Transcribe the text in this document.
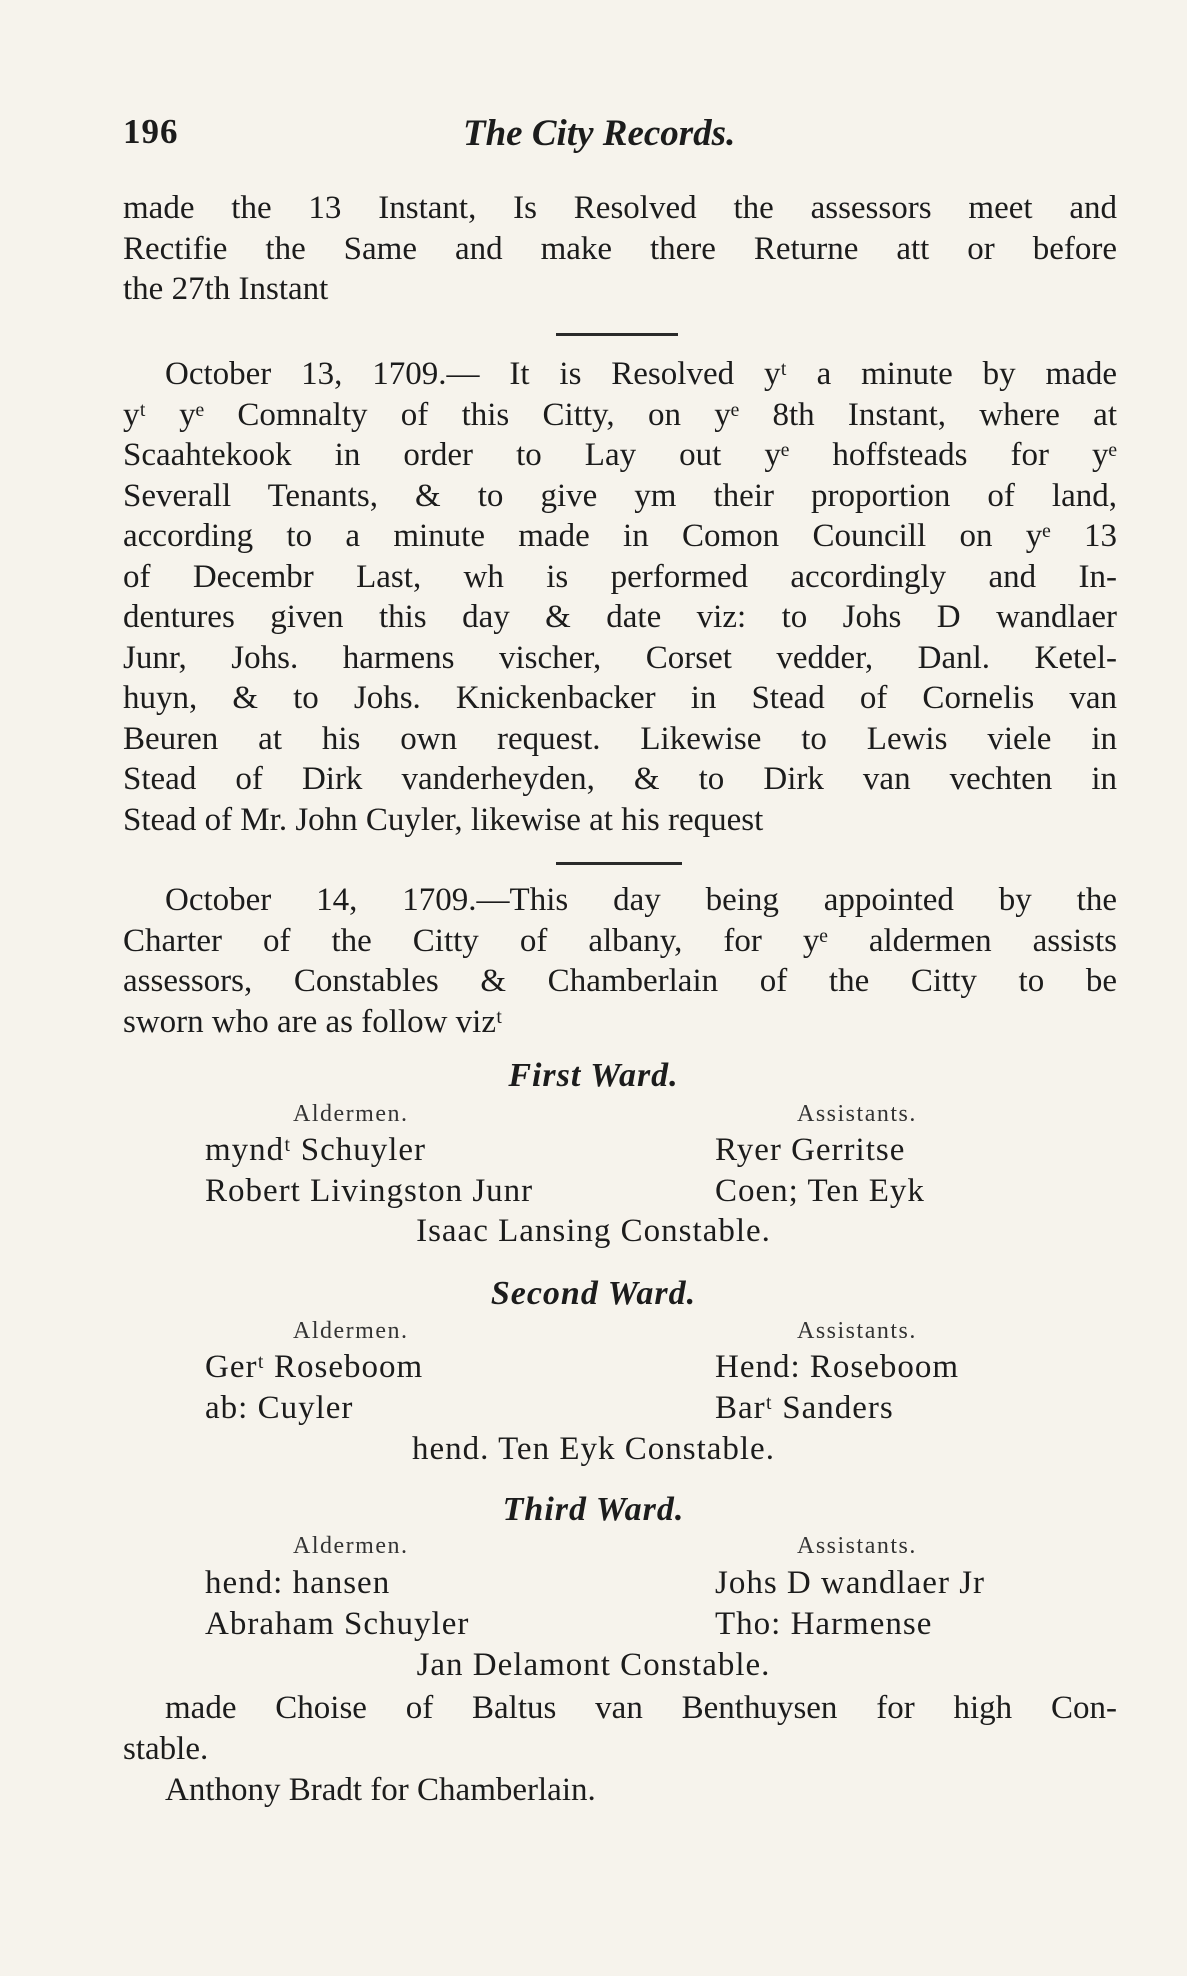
196	The City Records.

made the 13 Instant, Is Resolved the assessors meet and

Rectifie the Same and make there Returne att or before

the 27th Instant

October 13, 1709.— It is Resolved yᵗ a minute by made

yᵗ yᵉ Comnalty of this Citty, on yᵉ 8th Instant, where at

Scaahtekook in order to Lay out yᵉ hoffsteads for yᵉ

Severall Tenants, & to give ym their proportion of land,

according to a minute made in Comon Councill on yᵉ 13

of Decembr Last, wh is performed accordingly and In-

dentures given this day & date viz: to Johs D wandlaer

Junr, Johs. harmens vischer, Corset vedder, Danl. Ketel-

huyn, & to Johs. Knickenbacker in Stead of Cornelis van

Beuren at his own request. Likewise to Lewis viele in

Stead of Dirk vanderheyden, & to Dirk van vechten in

Stead of Mr. John Cuyler, likewise at his request

October 14, 1709.—This day being appointed by the

Charter of the Citty of albany, for yᵉ aldermen assists

assessors, Constables & Chamberlain of the Citty to be

sworn who are as follow vizᵗ

First Ward.
Aldermen.	Assistants.
myndᵗ Schuyler	Ryer Gerritse
Robert Livingston Junr	Coen; Ten Eyk
Isaac Lansing Constable.
Second Ward.
Aldermen.	Assistants.
Gerᵗ Roseboom	Hend: Roseboom
ab: Cuyler	Barᵗ Sanders
hend. Ten Eyk Constable.
Third Ward.
Aldermen.	Assistants.
hend: hansen	Johs D wandlaer Jr
Abraham Schuyler	Tho: Harmense
Jan Delamont Constable.

made Choise of Baltus van Benthuysen for high Con-

stable.

Anthony Bradt for Chamberlain.
